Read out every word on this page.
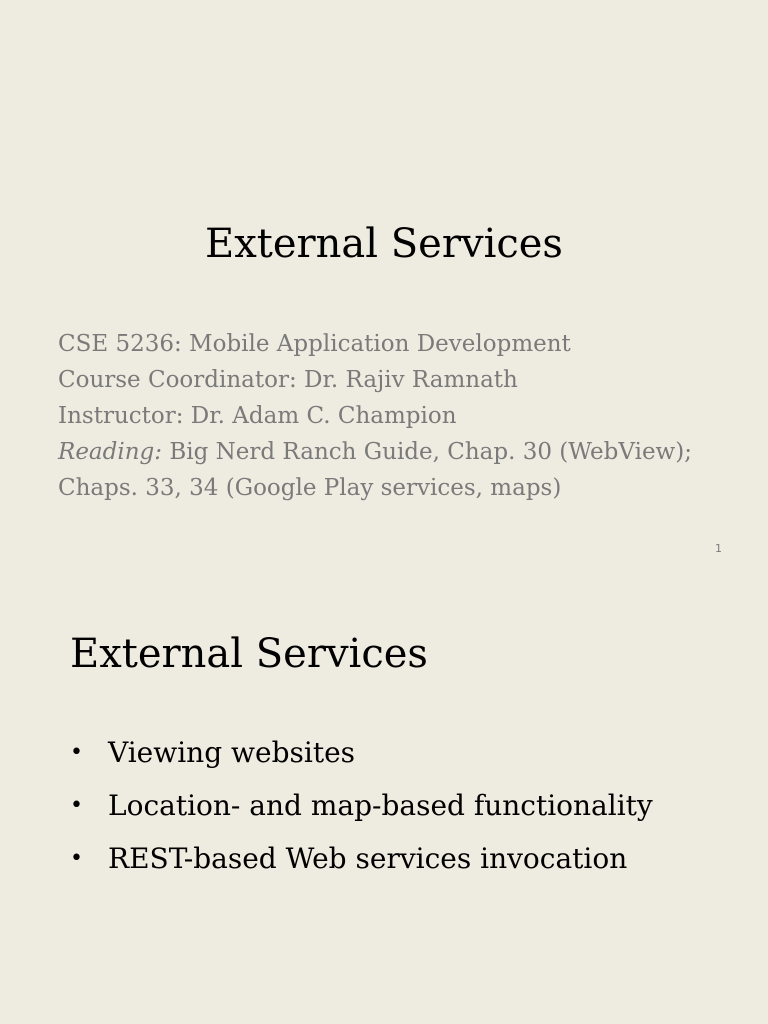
External Services
CSE 5236: Mobile Application Development
Course Coordinator: Dr. Rajiv Ramnath
Instructor: Dr. Adam C. Champion
Reading: Big Nerd Ranch Guide, Chap. 30 (WebView);
Chaps. 33, 34 (Google Play services, maps)
1
External Services
• Viewing websites
• Location- and map-based functionality
• REST-based Web services invocation
